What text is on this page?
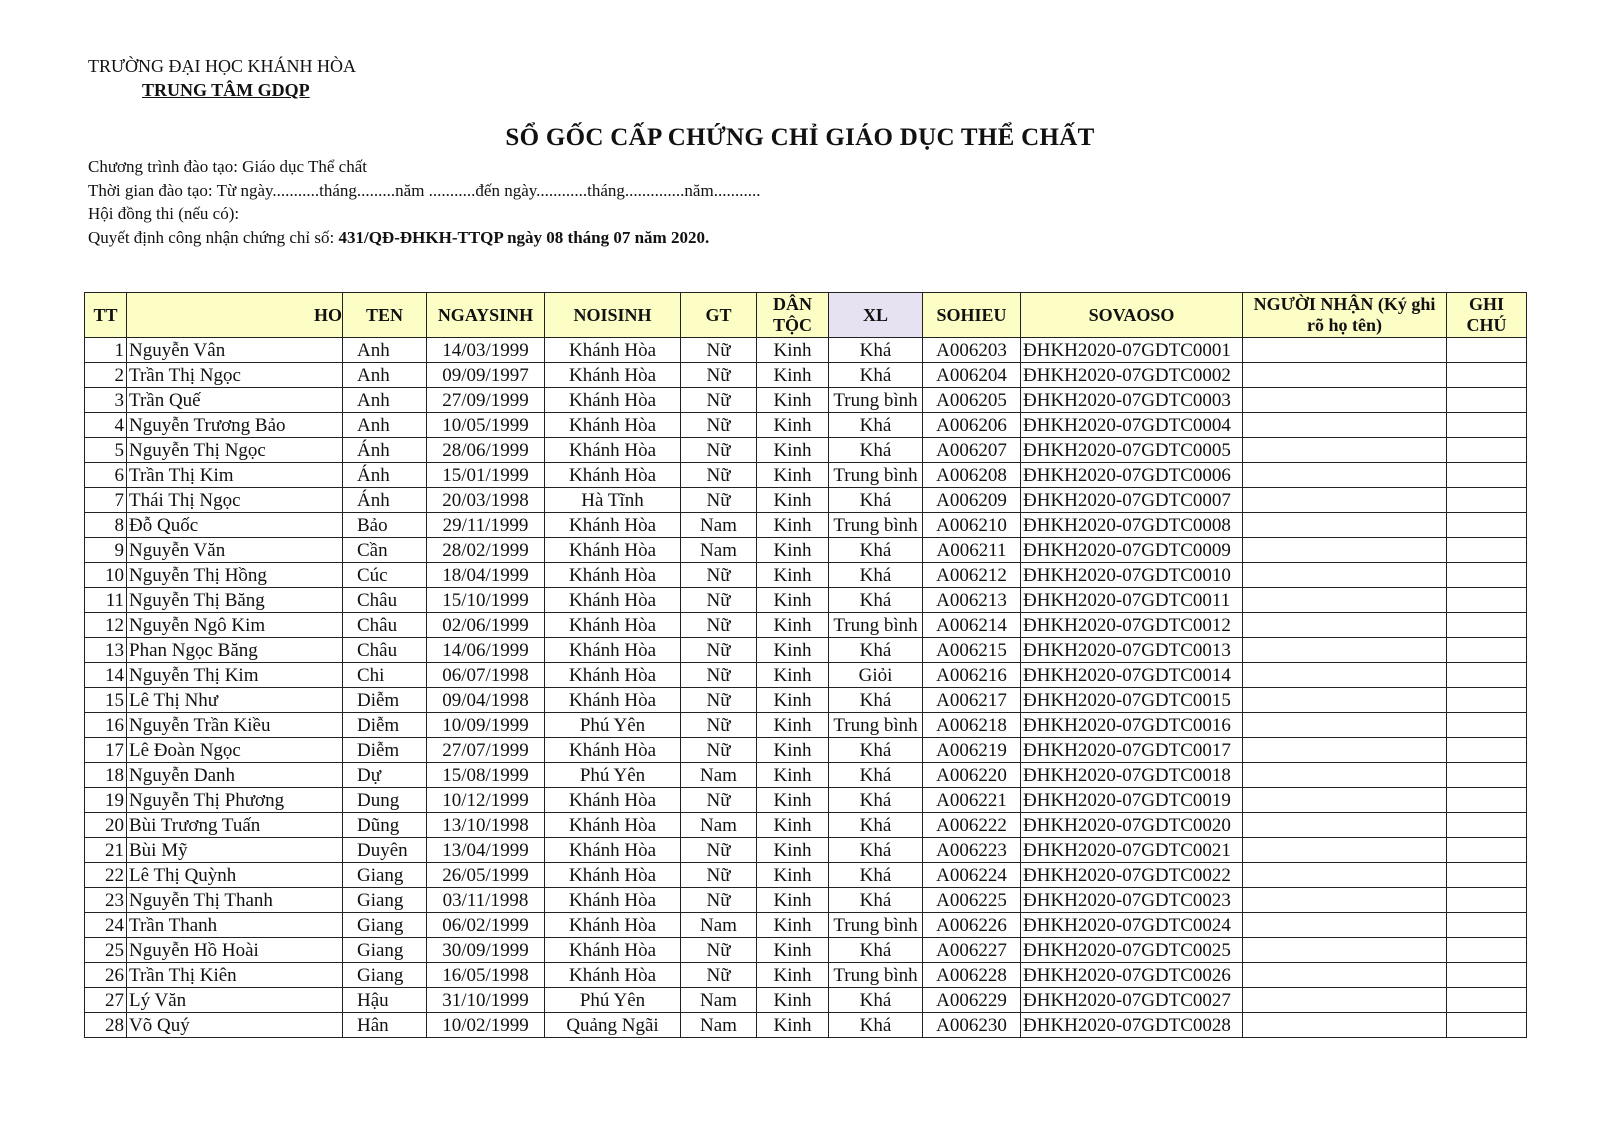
TRƯỜNG ĐẠI HỌC KHÁNH HÒA
TRUNG TÂM GDQP
SỔ GỐC CẤP CHỨNG CHỈ GIÁO DỤC THỂ CHẤT
Chương trình đào tạo: Giáo dục Thể chất
Thời gian đào tạo: Từ ngày...........tháng.........năm ...........đến ngày............tháng..............năm...........
Hội đồng thi (nếu có):
Quyết định công nhận chứng chỉ số: 431/QĐ-ĐHKH-TTQP ngày 08 tháng 07 năm 2020.
TT	HO	TEN	NGAYSINH	NOISINH	GT	DÂN TỘC	XL	SOHIEU	SOVAOSO	NGƯỜI NHẬN (Ký ghi rõ họ tên)	GHI CHÚ
1	Nguyễn Vân	Anh	14/03/1999	Khánh Hòa	Nữ	Kinh	Khá	A006203	ĐHKH2020-07GDTC0001		
2	Trần Thị Ngọc	Anh	09/09/1997	Khánh Hòa	Nữ	Kinh	Khá	A006204	ĐHKH2020-07GDTC0002		
3	Trần Quế	Anh	27/09/1999	Khánh Hòa	Nữ	Kinh	Trung bình	A006205	ĐHKH2020-07GDTC0003		
4	Nguyễn Trương Bảo	Anh	10/05/1999	Khánh Hòa	Nữ	Kinh	Khá	A006206	ĐHKH2020-07GDTC0004		
5	Nguyễn Thị Ngọc	Ánh	28/06/1999	Khánh Hòa	Nữ	Kinh	Khá	A006207	ĐHKH2020-07GDTC0005		
6	Trần Thị Kim	Ánh	15/01/1999	Khánh Hòa	Nữ	Kinh	Trung bình	A006208	ĐHKH2020-07GDTC0006		
7	Thái Thị Ngọc	Ánh	20/03/1998	Hà Tĩnh	Nữ	Kinh	Khá	A006209	ĐHKH2020-07GDTC0007		
8	Đỗ Quốc	Bảo	29/11/1999	Khánh Hòa	Nam	Kinh	Trung bình	A006210	ĐHKH2020-07GDTC0008		
9	Nguyễn Văn	Cần	28/02/1999	Khánh Hòa	Nam	Kinh	Khá	A006211	ĐHKH2020-07GDTC0009		
10	Nguyễn Thị Hồng	Cúc	18/04/1999	Khánh Hòa	Nữ	Kinh	Khá	A006212	ĐHKH2020-07GDTC0010		
11	Nguyễn Thị Băng	Châu	15/10/1999	Khánh Hòa	Nữ	Kinh	Khá	A006213	ĐHKH2020-07GDTC0011		
12	Nguyễn Ngô Kim	Châu	02/06/1999	Khánh Hòa	Nữ	Kinh	Trung bình	A006214	ĐHKH2020-07GDTC0012		
13	Phan Ngọc Băng	Châu	14/06/1999	Khánh Hòa	Nữ	Kinh	Khá	A006215	ĐHKH2020-07GDTC0013		
14	Nguyễn Thị Kim	Chi	06/07/1998	Khánh Hòa	Nữ	Kinh	Giỏi	A006216	ĐHKH2020-07GDTC0014		
15	Lê Thị Như	Diễm	09/04/1998	Khánh Hòa	Nữ	Kinh	Khá	A006217	ĐHKH2020-07GDTC0015		
16	Nguyễn Trần Kiều	Diễm	10/09/1999	Phú Yên	Nữ	Kinh	Trung bình	A006218	ĐHKH2020-07GDTC0016		
17	Lê Đoàn Ngọc	Diễm	27/07/1999	Khánh Hòa	Nữ	Kinh	Khá	A006219	ĐHKH2020-07GDTC0017		
18	Nguyễn Danh	Dự	15/08/1999	Phú Yên	Nam	Kinh	Khá	A006220	ĐHKH2020-07GDTC0018		
19	Nguyễn Thị Phương	Dung	10/12/1999	Khánh Hòa	Nữ	Kinh	Khá	A006221	ĐHKH2020-07GDTC0019		
20	Bùi Trương Tuấn	Dũng	13/10/1998	Khánh Hòa	Nam	Kinh	Khá	A006222	ĐHKH2020-07GDTC0020		
21	Bùi Mỹ	Duyên	13/04/1999	Khánh Hòa	Nữ	Kinh	Khá	A006223	ĐHKH2020-07GDTC0021		
22	Lê Thị Quỳnh	Giang	26/05/1999	Khánh Hòa	Nữ	Kinh	Khá	A006224	ĐHKH2020-07GDTC0022		
23	Nguyễn Thị Thanh	Giang	03/11/1998	Khánh Hòa	Nữ	Kinh	Khá	A006225	ĐHKH2020-07GDTC0023		
24	Trần Thanh	Giang	06/02/1999	Khánh Hòa	Nam	Kinh	Trung bình	A006226	ĐHKH2020-07GDTC0024		
25	Nguyễn Hồ Hoài	Giang	30/09/1999	Khánh Hòa	Nữ	Kinh	Khá	A006227	ĐHKH2020-07GDTC0025		
26	Trần Thị Kiên	Giang	16/05/1998	Khánh Hòa	Nữ	Kinh	Trung bình	A006228	ĐHKH2020-07GDTC0026		
27	Lý Văn	Hậu	31/10/1999	Phú Yên	Nam	Kinh	Khá	A006229	ĐHKH2020-07GDTC0027		
28	Võ Quý	Hân	10/02/1999	Quảng Ngãi	Nam	Kinh	Khá	A006230	ĐHKH2020-07GDTC0028		
